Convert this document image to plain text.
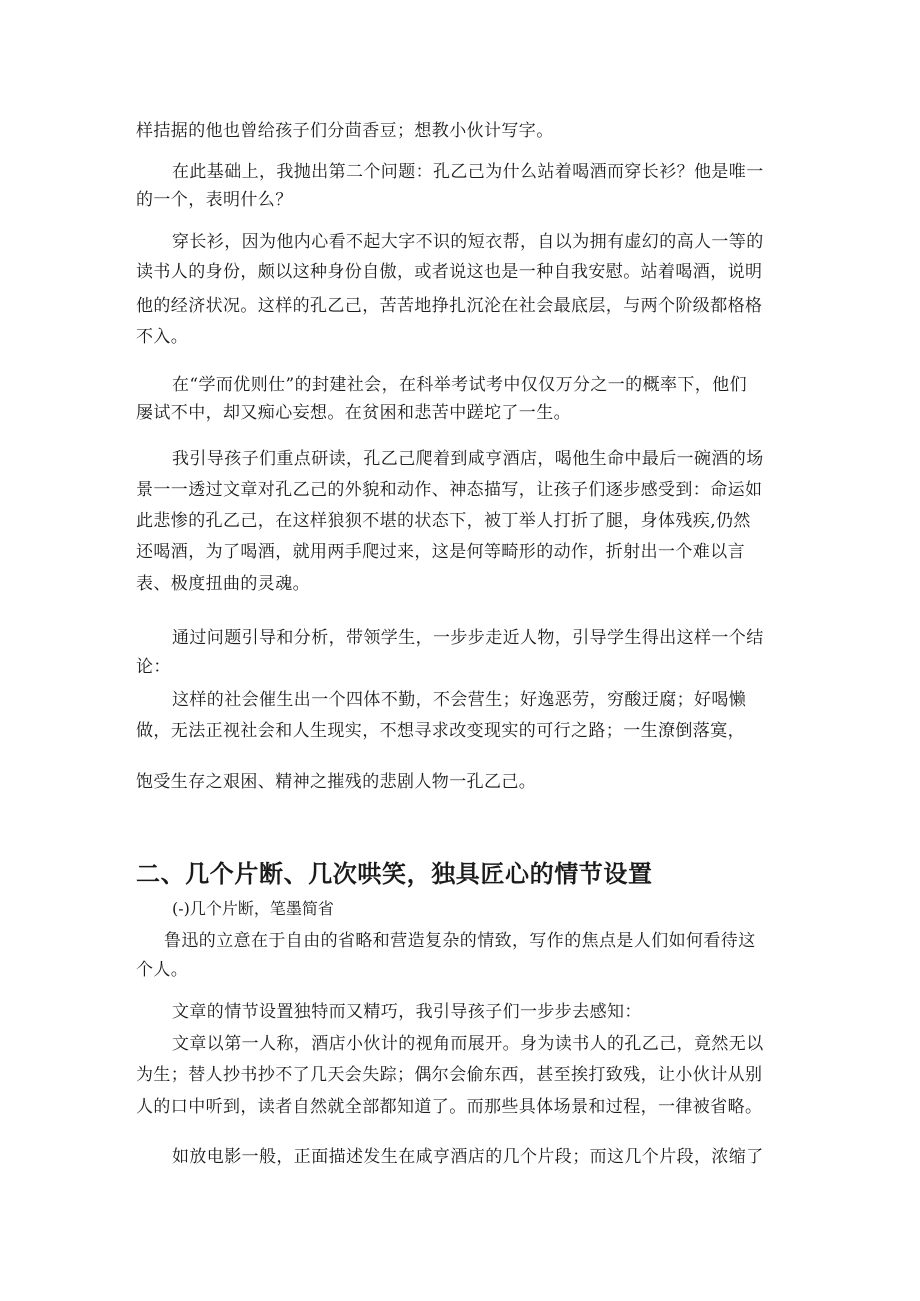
样拮据的他也曾给孩子们分茴香豆；想教小伙计写字。
在此基础上，我抛出第二个问题：孔乙己为什么站着喝酒而穿长衫？他是唯一
的一个，表明什么？
穿长衫，因为他内心看不起大字不识的短衣帮，自以为拥有虚幻的高人一等的
读书人的身份，颇以这种身份自傲，或者说这也是一种自我安慰。站着喝酒，说明
他的经济状况。这样的孔乙己，苦苦地挣扎沉沦在社会最底层，与两个阶级都格格
不入。
在“学而优则仕”的封建社会，在科举考试考中仅仅万分之一的概率下，他们
屡试不中，却又痴心妄想。在贫困和悲苦中蹉坨了一生。
我引导孩子们重点研读，孔乙己爬着到咸亨酒店，喝他生命中最后一碗酒的场
景一一透过文章对孔乙己的外貌和动作、神态描写，让孩子们逐步感受到：命运如
此悲惨的孔乙己，在这样狼狈不堪的状态下，被丁举人打折了腿，身体残疾,仍然
还喝酒，为了喝酒，就用两手爬过来，这是何等畸形的动作，折射出一个难以言
表、极度扭曲的灵魂。
通过问题引导和分析，带领学生，一步步走近人物，引导学生得出这样一个结
论：
这样的社会催生出一个四体不勤，不会营生；好逸恶劳，穷酸迂腐；好喝懒
做，无法正视社会和人生现实，不想寻求改变现实的可行之路；一生潦倒落寞，
饱受生存之艰困、精神之摧残的悲剧人物一孔乙己。
二、几个片断、几次哄笑，独具匠心的情节设置
(-)几个片断，笔墨简省
鲁迅的立意在于自由的省略和营造复杂的情致，写作的焦点是人们如何看待这
个人。
文章的情节设置独特而又精巧，我引导孩子们一步步去感知：
文章以第一人称，酒店小伙计的视角而展开。身为读书人的孔乙己，竟然无以
为生；替人抄书抄不了几天会失踪；偶尔会偷东西，甚至挨打致残，让小伙计从别
人的口中听到，读者自然就全部都知道了。而那些具体场景和过程，一律被省略。
如放电影一般，正面描述发生在咸亨酒店的几个片段；而这几个片段，浓缩了
